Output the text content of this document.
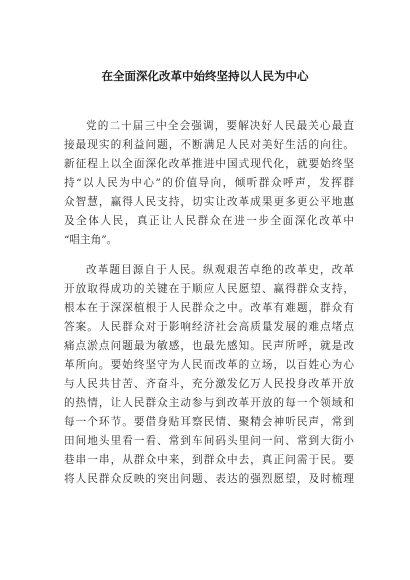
在全面深化改革中始终坚持以人民为中心

党的二十届三中全会强调，要解决好人民最关心最直

接最现实的利益问题，不断满足人民对美好生活的向往。

新征程上以全面深化改革推进中国式现代化，就要始终坚

持“以人民为中心”的价值导向，倾听群众呼声，发挥群

众智慧，赢得人民支持，切实让改革成果更多更公平地惠

及全体人民，真正让人民群众在进一步全面深化改革中

“唱主角”。

改革题目源自于人民。纵观艰苦卓绝的改革史，改革

开放取得成功的关键在于顺应人民愿望、赢得群众支持，

根本在于深深植根于人民群众之中。改革有难题，群众有

答案。人民群众对于影响经济社会高质量发展的难点堵点

痛点淤点问题最为敏感，也最先感知。民声所呼，就是改

革所向。要始终坚守为人民而改革的立场，以百姓心为心

与人民共甘苦、齐奋斗，充分激发亿万人民投身改革开放

的热情，让人民群众主动参与到改革开放的每一个领域和

每一个环节。要借身贴耳察民情、聚精会神听民声，常到

田间地头里看一看、常到车间码头里问一问、常到大街小

巷串一串，从群众中来，到群众中去，真正问需于民。要

将人民群众反映的突出问题、表达的强烈愿望，及时梳理
